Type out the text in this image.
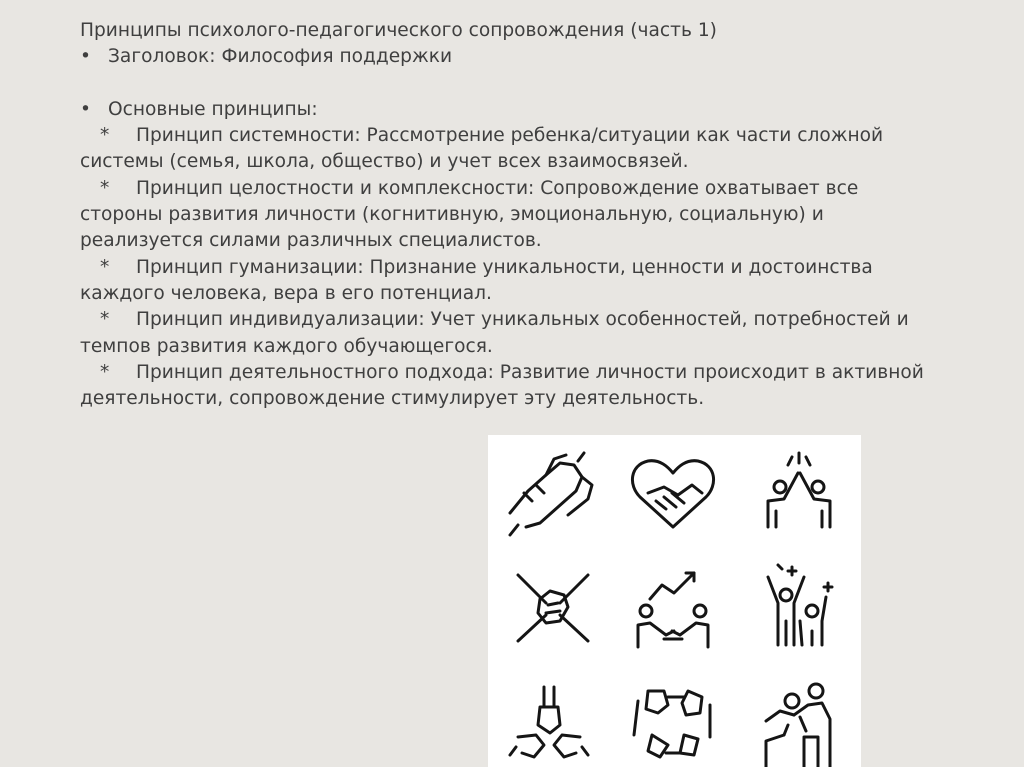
Принципы психолого-педагогического сопровождения (часть 1)

• Заголовок: Философия поддержки

• Основные принципы:

* Принцип системности: Рассмотрение ребенка/ситуации как части сложной

системы (семья, школа, общество) и учет всех взаимосвязей.

* Принцип целостности и комплексности: Сопровождение охватывает все

стороны развития личности (когнитивную, эмоциональную, социальную) и

реализуется силами различных специалистов.

* Принцип гуманизации: Признание уникальности, ценности и достоинства

каждого человека, вера в его потенциал.

* Принцип индивидуализации: Учет уникальных особенностей, потребностей и

темпов развития каждого обучающегося.

* Принцип деятельностного подхода: Развитие личности происходит в активной

деятельности, сопровождение стимулирует эту деятельность.
